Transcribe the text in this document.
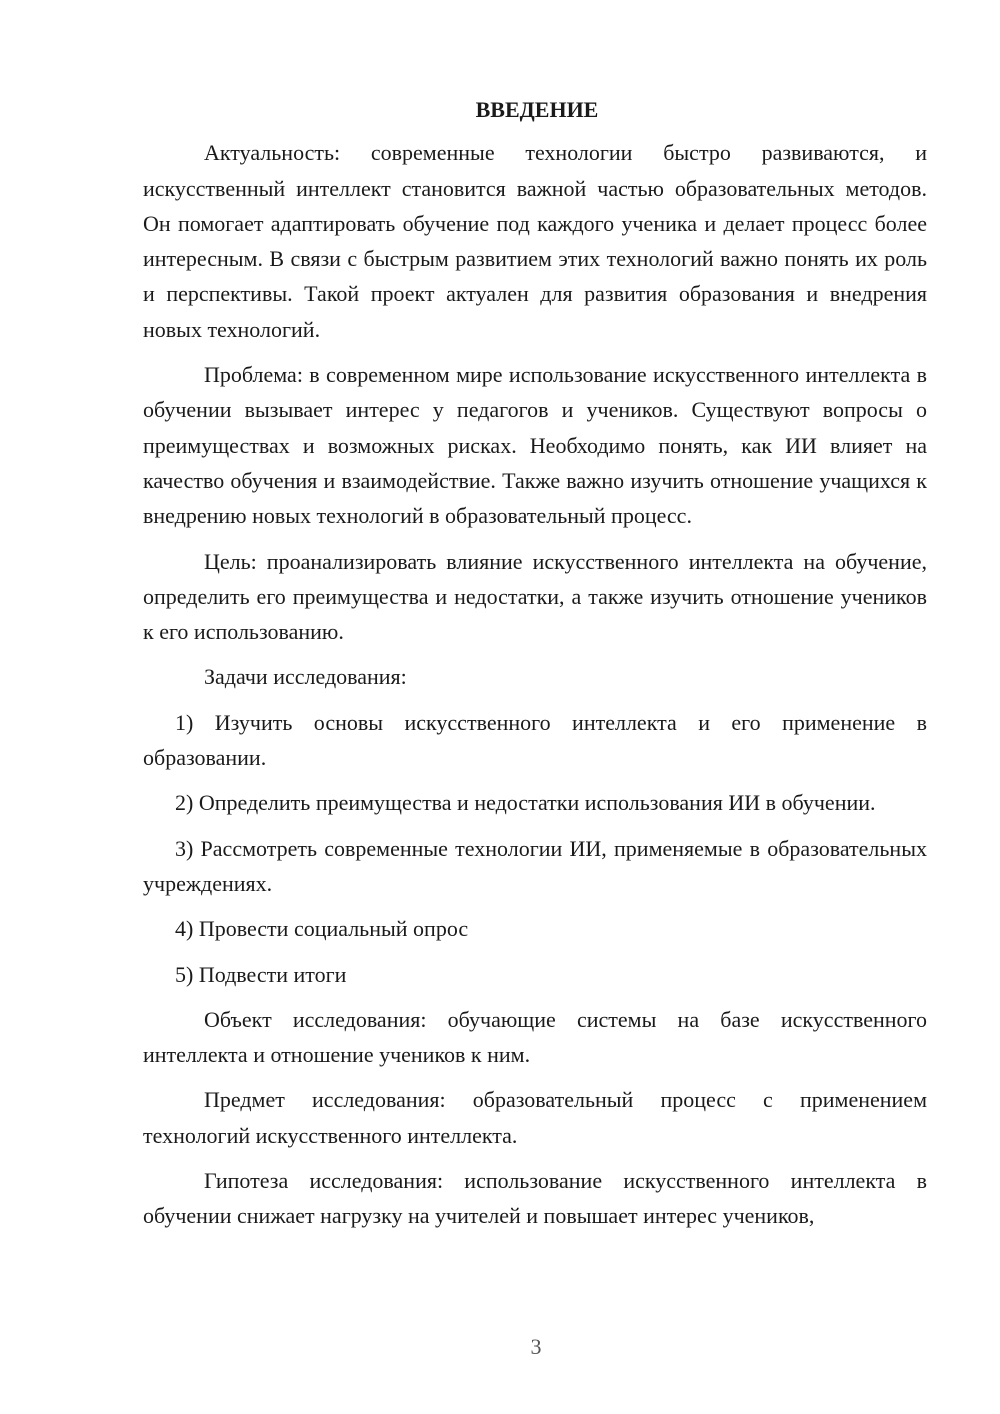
ВВЕДЕНИЕ

Актуальность: современные технологии быстро развиваются, и искусственный интеллект становится важной частью образовательных методов. Он помогает адаптировать обучение под каждого ученика и делает процесс более интересным. В связи с быстрым развитием этих технологий важно понять их роль и перспективы. Такой проект актуален для развития образования и внедрения новых технологий.

Проблема: в современном мире использование искусственного интеллекта в обучении вызывает интерес у педагогов и учеников. Существуют вопросы о преимуществах и возможных рисках. Необходимо понять, как ИИ влияет на качество обучения и взаимодействие. Также важно изучить отношение учащихся к внедрению новых технологий в образовательный процесс.

Цель: проанализировать влияние искусственного интеллекта на обучение, определить его преимущества и недостатки, а также изучить отношение учеников к его использованию.

Задачи исследования:

1) Изучить основы искусственного интеллекта и его применение в образовании.

2) Определить преимущества и недостатки использования ИИ в обучении.

3) Рассмотреть современные технологии ИИ, применяемые в образовательных учреждениях.

4) Провести социальный опрос

5) Подвести итоги

Объект исследования: обучающие системы на базе искусственного интеллекта и отношение учеников к ним.

Предмет исследования: образовательный процесс с применением технологий искусственного интеллекта.

Гипотеза исследования: использование искусственного интеллекта в обучении снижает нагрузку на учителей и повышает интерес учеников,

3
